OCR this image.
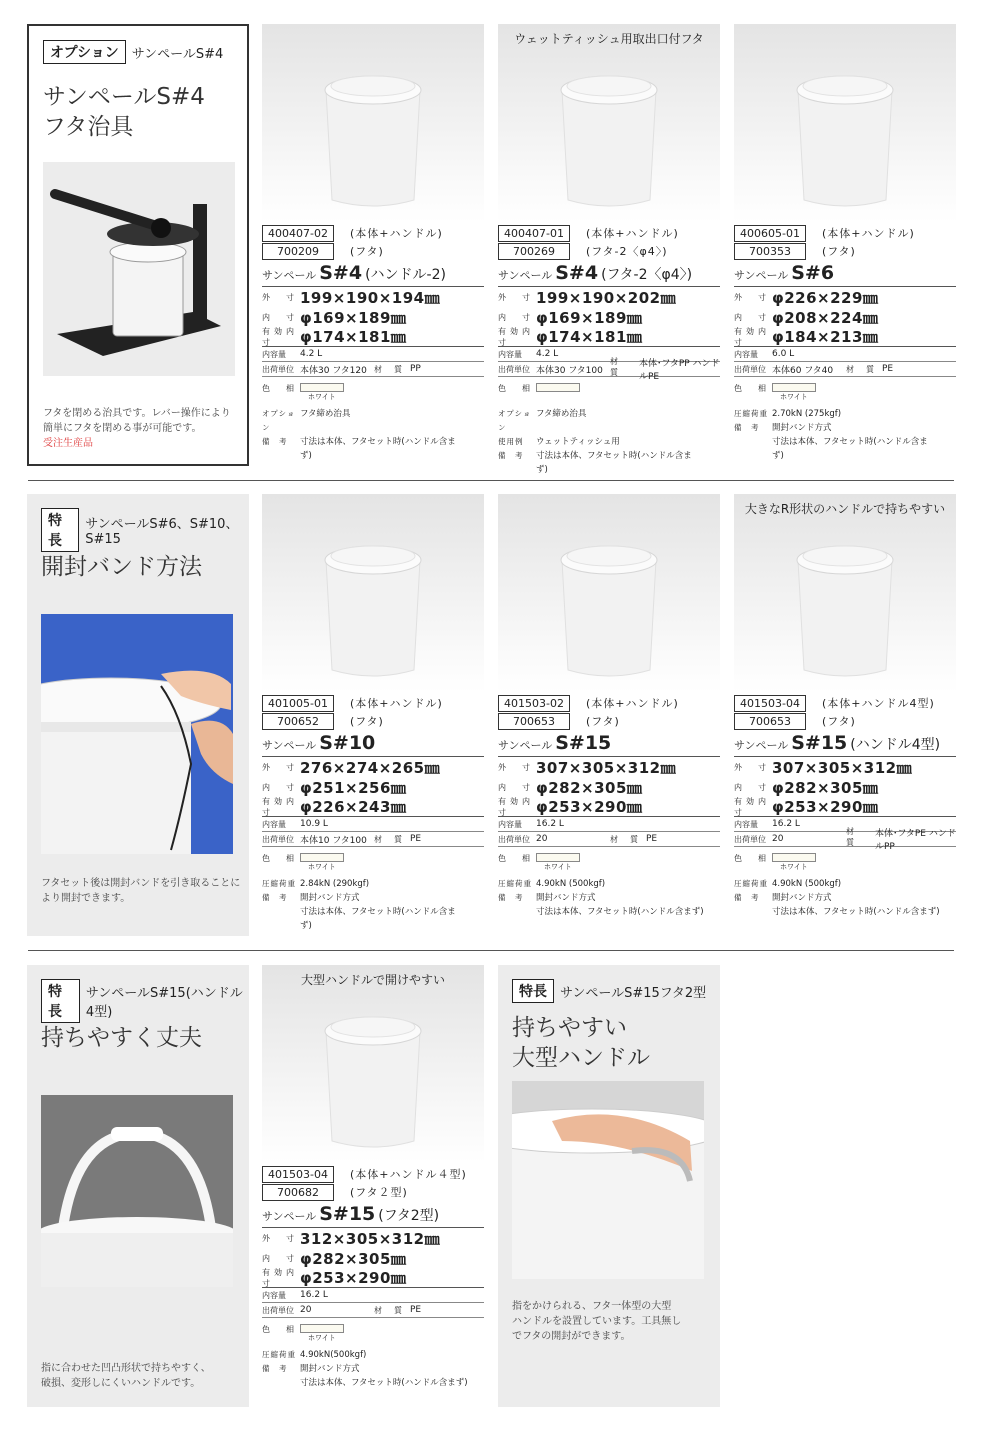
オプション	サンペールS#4
サンペールS#4
フタ治具
フタを閉める治具です。レバー操作により
簡単にフタを閉める事が可能です。
受注生産品
特長
サンペールS#6、S#10、S#15
開封バンド方法
フタセット後は開封バンドを引き取ることに
より開封できます。
特長
サンペールS#15(ハンドル4型)
持ちやすく丈夫
指に合わせた凹凸形状で持ちやすく、
破損、変形しにくいハンドルです。
特長	サンペールS#15フタ2型
持ちやすい
大型ハンドル
指をかけられる、フタ一体型の大型
ハンドルを設置しています。工具無し
でフタの開封ができます。
400407-02	(本体+ハンドル)
700209	(フタ)
サンペール S#4 (ハンドル-2)
外　寸 199×190×194㎜
内　寸 φ169×189㎜
有効内寸	φ174×181㎜
内容量	4.2 L
出荷単位 本体30 フタ120 材　質 PP
色　相
ホワイト
オプション
フタ締め治具
備　考	寸法は本体、フタセット時(ハンドル含ま
ず)
ウェットティッシュ用取出口付フタ
400407-01	(本体+ハンドル)
700269	(フタ-2〈φ4〉)
サンペール S#4 (フタ-2〈φ4〉)
外　寸 199×190×202㎜
内　寸 φ169×189㎜
有効内寸	φ174×181㎜
内容量	4.2 L
出荷単位 本体30 フタ100
材　質
本体･フタPP ハンドルPE
色　相
オプション
フタ締め治具
使用例	ウェットティッシュ用
備　考	寸法は本体、フタセット時(ハンドル含ま
ず)
400605-01	(本体+ハンドル)
700353	(フタ)
サンペール S#6
外　寸 φ226×229㎜
内　寸 φ208×224㎜
有効内寸	φ184×213㎜
内容量	6.0 L
出荷単位 本体60 フタ40 材　質 PE
色　相
ホワイト
圧縮荷重 2.70kN (275kgf)
備　考	開封バンド方式
寸法は本体、フタセット時(ハンドル含ま
ず)
401005-01	(本体+ハンドル)
700652	(フタ)
サンペール S#10
外　寸 276×274×265㎜
内　寸 φ251×256㎜
有効内寸	φ226×243㎜
内容量	10.9 L
出荷単位 本体10 フタ100 材　質 PE
色　相
ホワイト
圧縮荷重 2.84kN (290kgf)
備　考	開封バンド方式
寸法は本体、フタセット時(ハンドル含ま
ず)
401503-02	(本体+ハンドル)
700653	(フタ)
サンペール S#15
外　寸 307×305×312㎜
内　寸 φ282×305㎜
有効内寸	φ253×290㎜
内容量	16.2 L
出荷単位 20	材　質 PE
色　相
ホワイト
圧縮荷重 4.90kN (500kgf)
備　考	開封バンド方式
寸法は本体、フタセット時(ハンドル含まず)
大きなR形状のハンドルで持ちやすい
401503-04	(本体+ハンドル4型)
700653	(フタ)
サンペール S#15 (ハンドル4型)
外　寸 307×305×312㎜
内　寸 φ282×305㎜
有効内寸	φ253×290㎜
内容量	16.2 L
出荷単位 20
材　質
本体･フタPE ハンドルPP
色　相
ホワイト
圧縮荷重 4.90kN (500kgf)
備　考	開封バンド方式
寸法は本体、フタセット時(ハンドル含まず)
大型ハンドルで開けやすい
401503-04	(本体+ハンドル４型)
700682	(フタ２型)
サンペール S#15 (フタ2型)
外　寸 312×305×312㎜
内　寸 φ282×305㎜
有効内寸	φ253×290㎜
内容量	16.2 L
出荷単位 20	材　質 PE
色　相
ホワイト
圧縮荷重 4.90kN(500kgf)
備　考	開封バンド方式
寸法は本体、フタセット時(ハンドル含まず)
